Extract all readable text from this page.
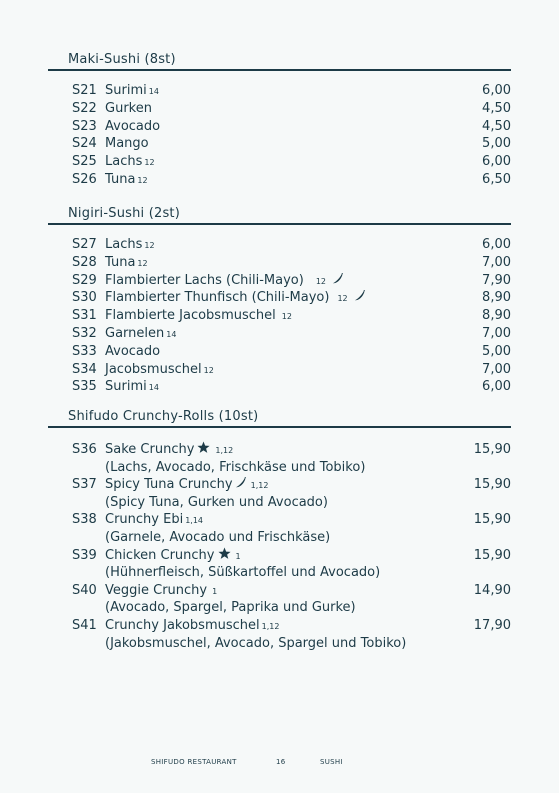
Maki-Sushi (8st)
S21 Surimi 14	6,00
S22 Gurken	4,50
S23 Avocado	4,50
S24 Mango	5,00
S25 Lachs 12	6,00
S26 Tuna 12	6,50
Nigiri-Sushi (2st)
S27 Lachs 12	6,00
S28 Tuna 12	7,00
S29 Flambierter Lachs (Chili-Mayo) 12	7,90
S30 Flambierter Thunfisch (Chili-Mayo) 12	8,90
S31 Flambierte Jacobsmuschel 12	8,90
S32 Garnelen 14	7,00
S33 Avocado	5,00
S34 Jacobsmuschel 12	7,00
S35 Surimi 14	6,00
Shifudo Crunchy-Rolls (10st)
S36 Sake Crunchy	1,12	15,90
(Lachs, Avocado, Frischkäse und Tobiko)
S37 Spicy Tuna Crunchy 1,12	15,90
(Spicy Tuna, Gurken und Avocado)
S38 Crunchy Ebi 1,14	15,90
(Garnele, Avocado und Frischkäse)
S39 Chicken Crunchy	1	15,90
(Hühnerfleisch, Süßkartoffel und Avocado)
S40 Veggie Crunchy 1	14,90
(Avocado, Spargel, Paprika und Gurke)
S41 Crunchy Jakobsmuschel 1,12	17,90
(Jakobsmuschel, Avocado, Spargel und Tobiko)
SHIFUDO RESTAURANT	16	SUSHI
